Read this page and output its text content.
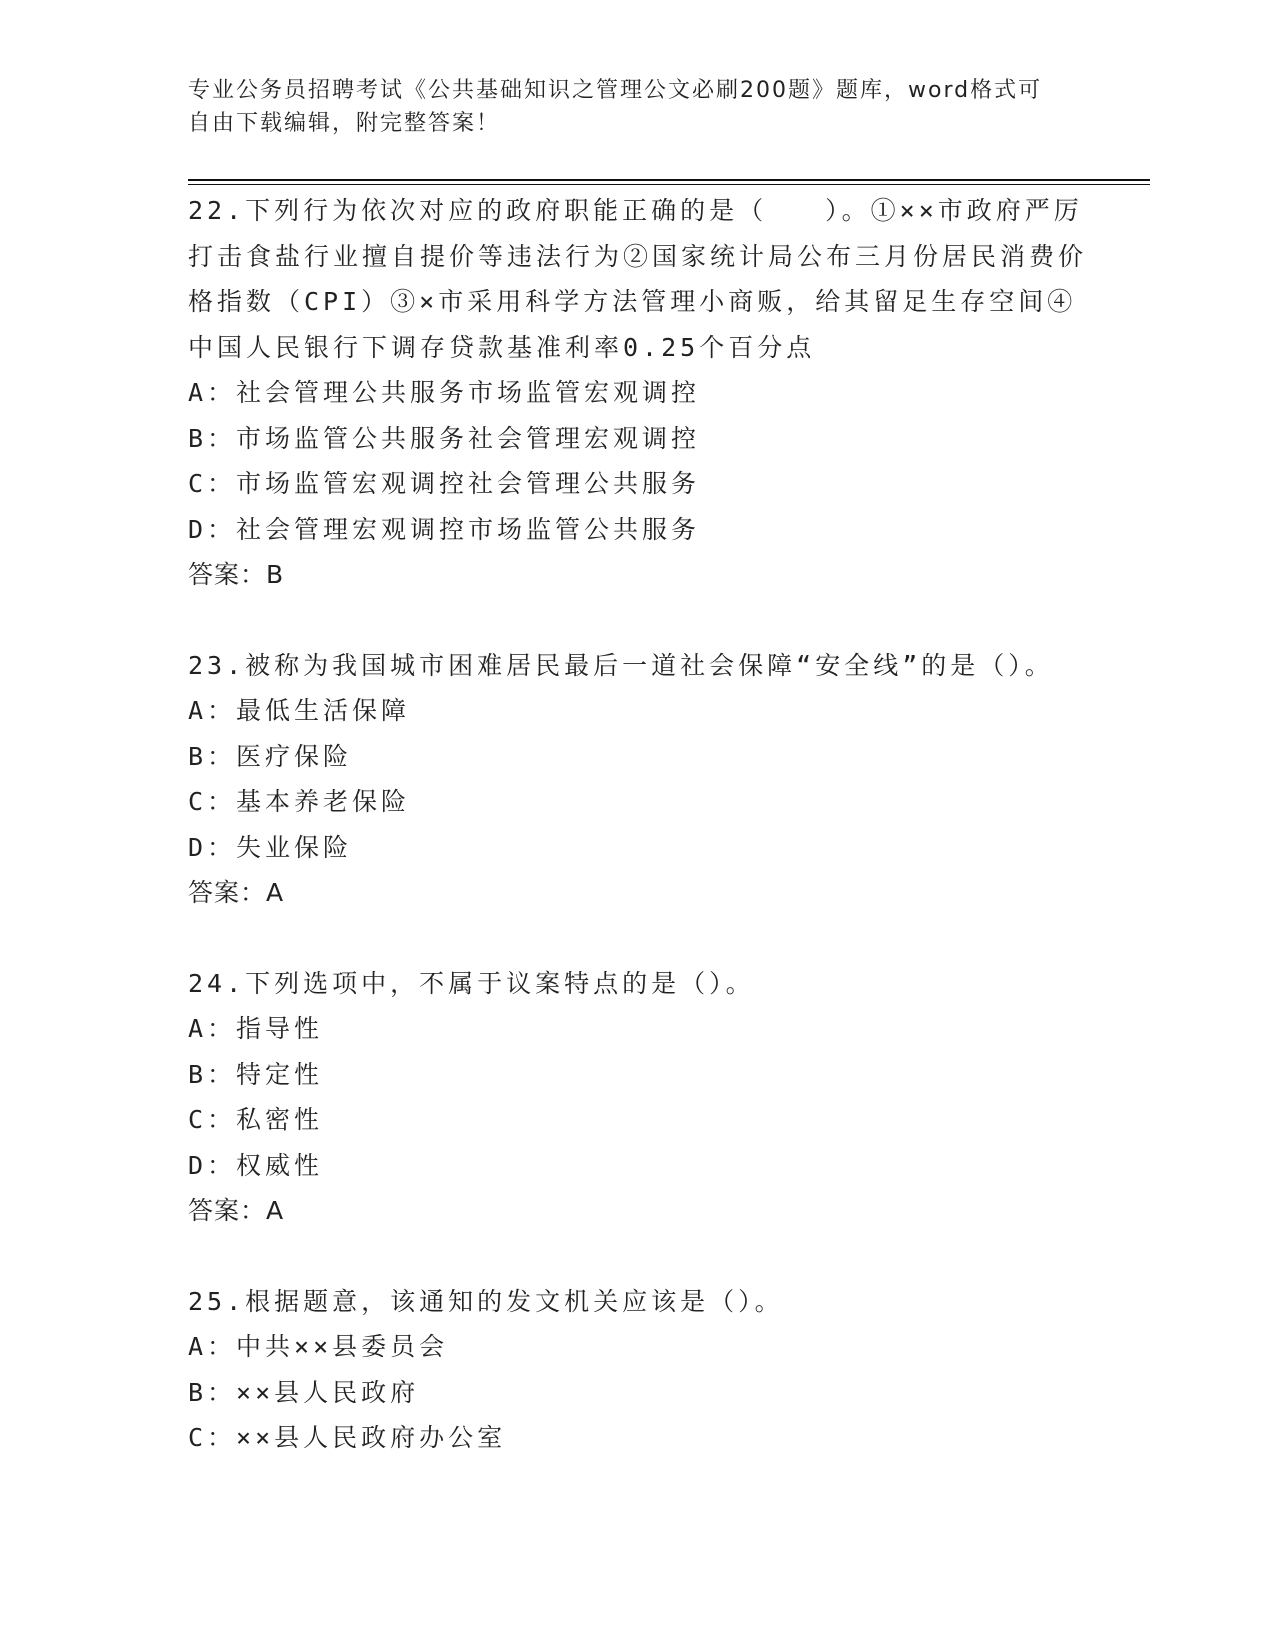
专业公务员招聘考试《公共基础知识之管理公文必刷200题》题库，word格式可
自由下载编辑，附完整答案！
22.下列行为依次对应的政府职能正确的是（　　）。①××市政府严厉打击食盐行业擅自提价等违法行为②国家统计局公布三月份居民消费价格指数（CPI）③×市采用科学方法管理小商贩，给其留足生存空间④中国人民银行下调存贷款基准利率0.25个百分点
A：社会管理公共服务市场监管宏观调控
B：市场监管公共服务社会管理宏观调控
C：市场监管宏观调控社会管理公共服务
D：社会管理宏观调控市场监管公共服务
答案：B
23.被称为我国城市困难居民最后一道社会保障“安全线”的是（）。
A：最低生活保障
B：医疗保险
C：基本养老保险
D：失业保险
答案：A
24.下列选项中，不属于议案特点的是（）。
A：指导性
B：特定性
C：私密性
D：权威性
答案：A
25.根据题意，该通知的发文机关应该是（）。
A：中共××县委员会
B：××县人民政府
C：××县人民政府办公室
